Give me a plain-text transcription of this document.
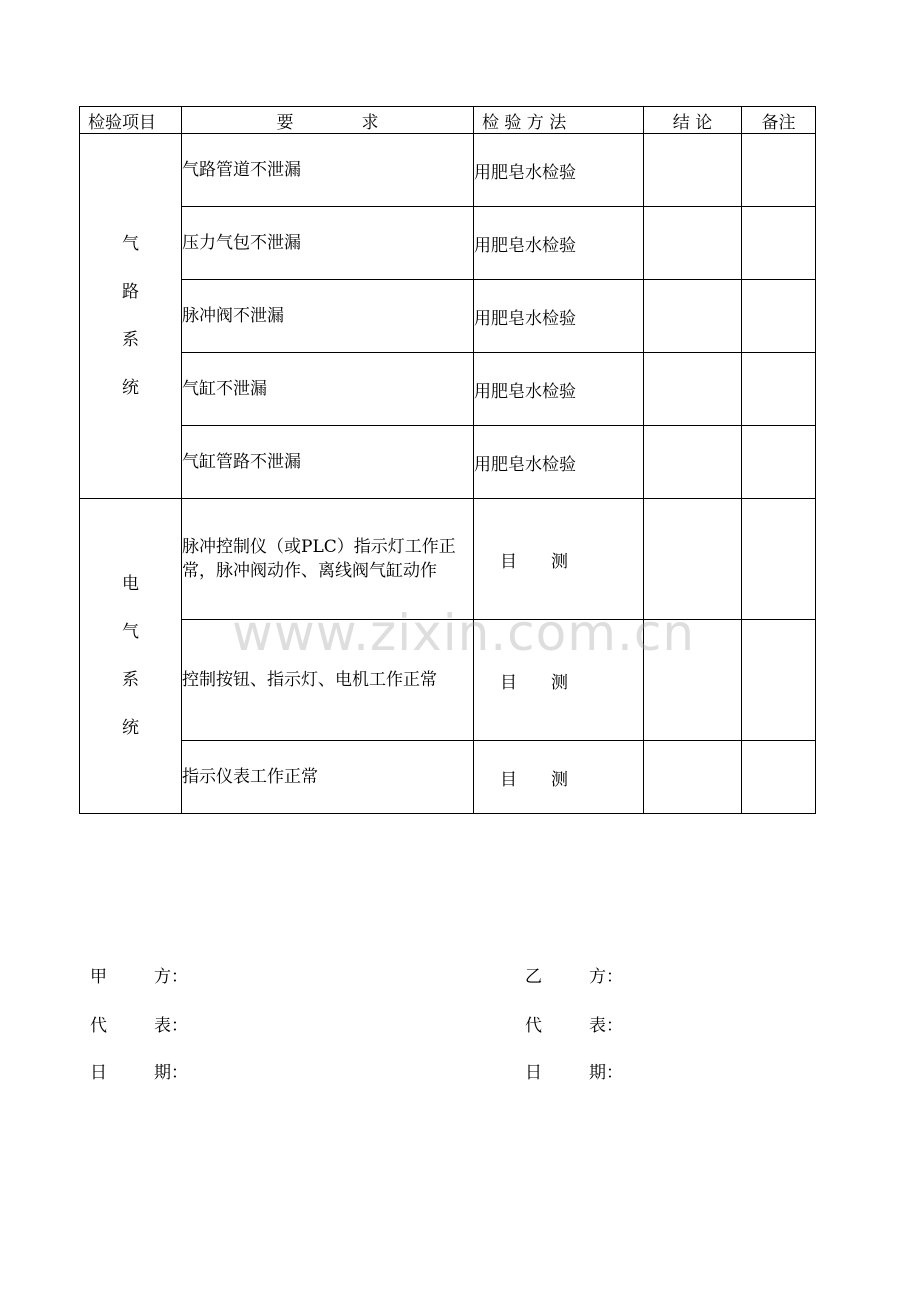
检验项目	要　　　　求	检 验 方 法	结 论	备注

气
路
系
统	气路管道不泄漏	用肥皂水检验		
	压力气包不泄漏	用肥皂水检验		
	脉冲阀不泄漏	用肥皂水检验		
	气缸不泄漏	用肥皂水检验		
	气缸管路不泄漏	用肥皂水检验		

电
气
系
统	脉冲控制仪（或PLC）指示灯工作正常，脉冲阀动作、离线阀气缸动作	目　　测		
	控制按钮、指示灯、电机工作正常	目　　测		
	指示仪表工作正常	目　　测		
www.zixin.com.cn
甲	方：
代	表：
日	期：
乙	方：
代	表：
日	期：
